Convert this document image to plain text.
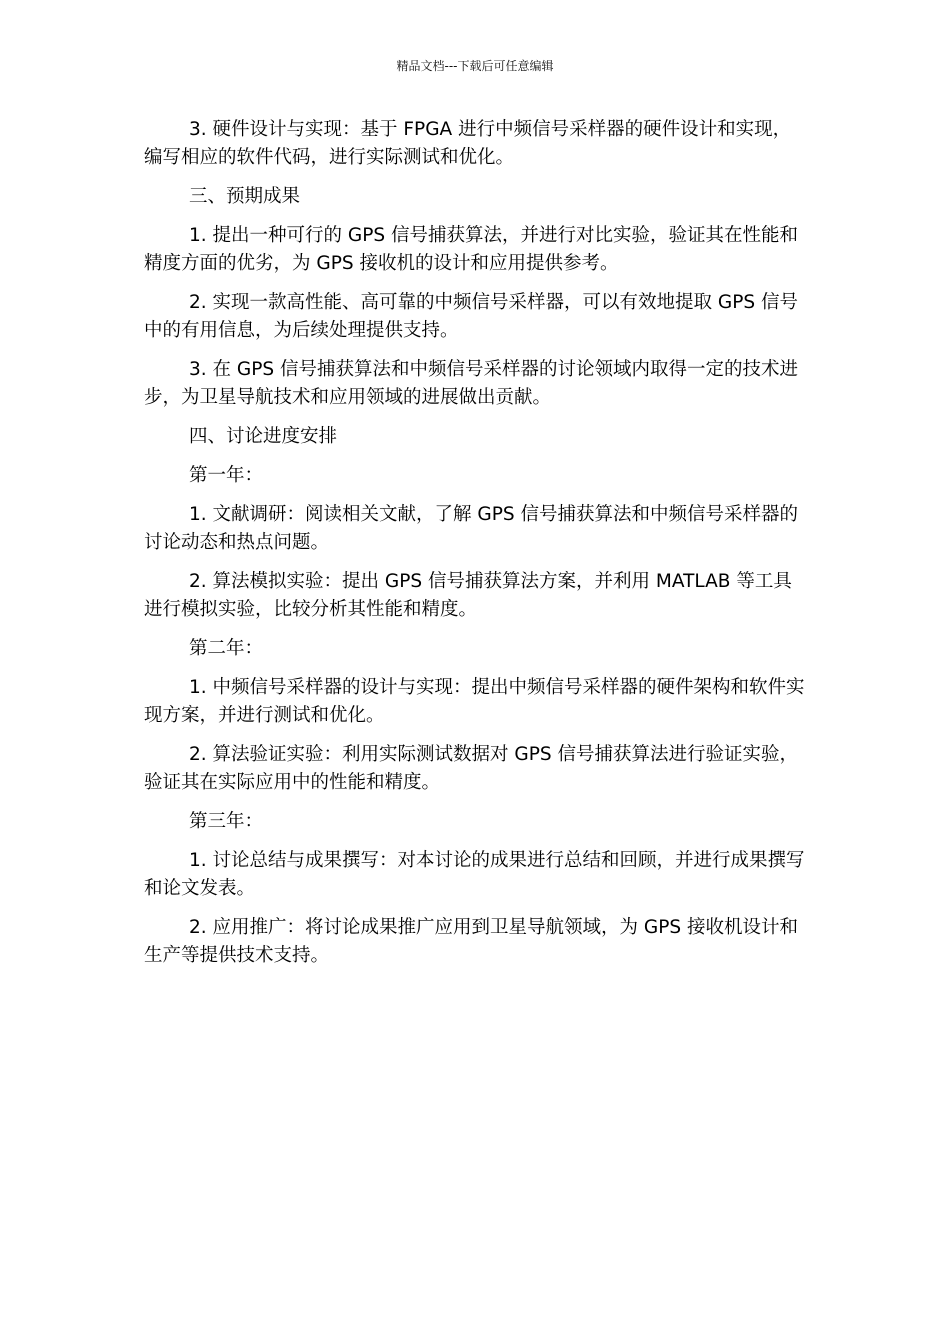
精品文档---下载后可任意编辑

3. 硬件设计与实现：基于 FPGA 进行中频信号采样器的硬件设计和实现，编写相应的软件代码，进行实际测试和优化。

三、预期成果

1. 提出一种可行的 GPS 信号捕获算法，并进行对比实验，验证其在性能和精度方面的优劣，为 GPS 接收机的设计和应用提供参考。

2. 实现一款高性能、高可靠的中频信号采样器，可以有效地提取 GPS 信号中的有用信息，为后续处理提供支持。

3. 在 GPS 信号捕获算法和中频信号采样器的讨论领域内取得一定的技术进步，为卫星导航技术和应用领域的进展做出贡献。

四、讨论进度安排

第一年：

1. 文献调研：阅读相关文献，了解 GPS 信号捕获算法和中频信号采样器的讨论动态和热点问题。

2. 算法模拟实验：提出 GPS 信号捕获算法方案，并利用 MATLAB 等工具进行模拟实验，比较分析其性能和精度。

第二年：

1. 中频信号采样器的设计与实现：提出中频信号采样器的硬件架构和软件实现方案，并进行测试和优化。

2. 算法验证实验：利用实际测试数据对 GPS 信号捕获算法进行验证实验，验证其在实际应用中的性能和精度。

第三年：

1. 讨论总结与成果撰写：对本讨论的成果进行总结和回顾，并进行成果撰写和论文发表。

2. 应用推广：将讨论成果推广应用到卫星导航领域，为 GPS 接收机设计和生产等提供技术支持。
